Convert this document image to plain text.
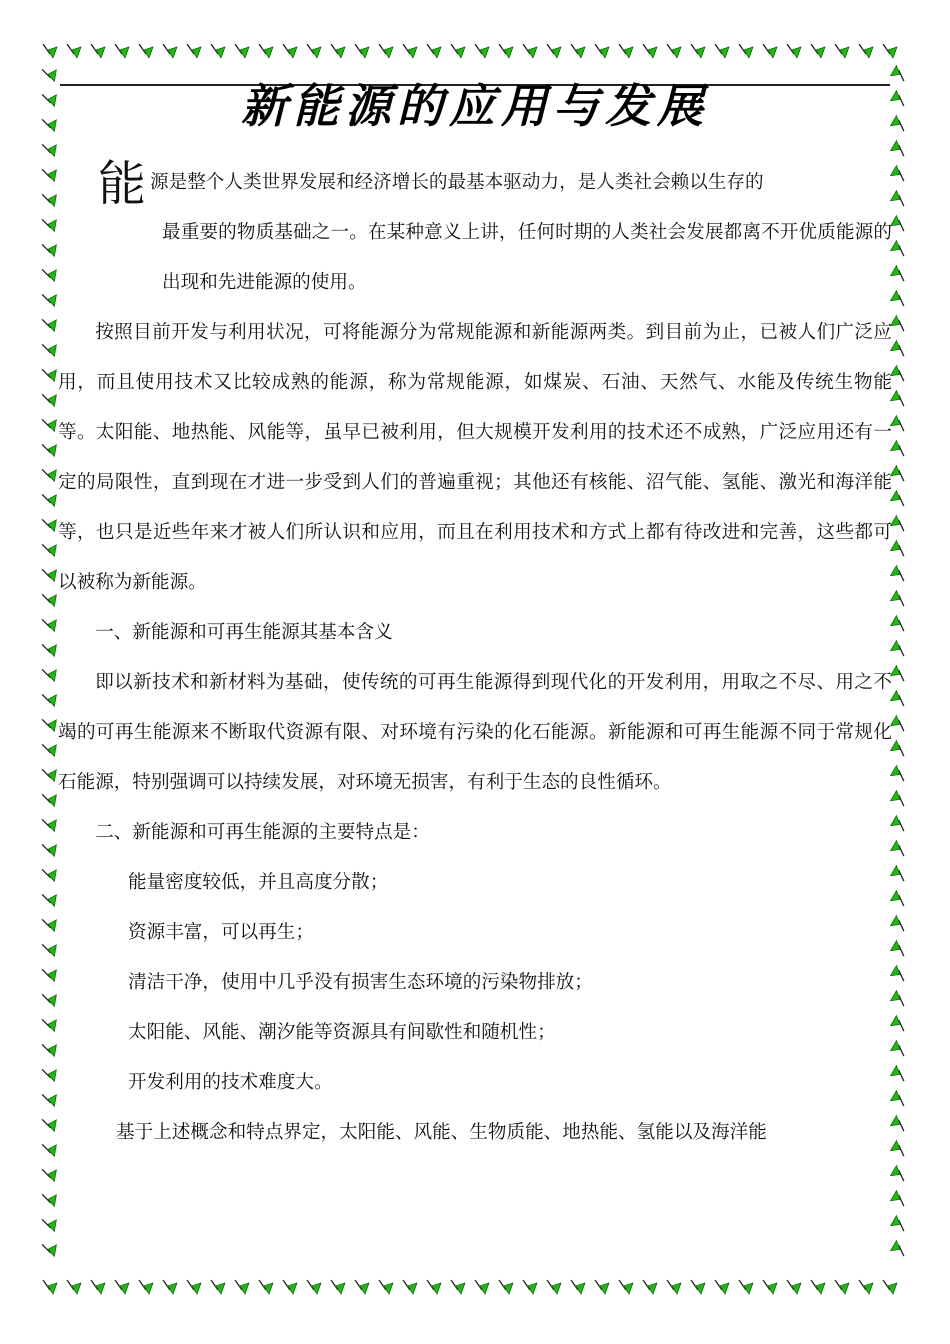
新能源的应用与发展

能 源是整个人类世界发展和经济增长的最基本驱动力，是人类社会赖以生存的
最重要的物质基础之一。在某种意义上讲，任何时期的人类社会发展都离不开优质能源的出现和先进能源的使用。

按照目前开发与利用状况，可将能源分为常规能源和新能源两类。到目前为止，已被人们广泛应用，而且使用技术又比较成熟的能源，称为常规能源，如煤炭、石油、天然气、水能及传统生物能等。太阳能、地热能、风能等，虽早已被利用，但大规模开发利用的技术还不成熟，广泛应用还有一定的局限性，直到现在才进一步受到人们的普遍重视；其他还有核能、沼气能、氢能、激光和海洋能等，也只是近些年来才被人们所认识和应用，而且在利用技术和方式上都有待改进和完善，这些都可以被称为新能源。

一、新能源和可再生能源其基本含义

即以新技术和新材料为基础，使传统的可再生能源得到现代化的开发利用，用取之不尽、用之不竭的可再生能源来不断取代资源有限、对环境有污染的化石能源。新能源和可再生能源不同于常规化石能源，特别强调可以持续发展，对环境无损害，有利于生态的良性循环。

二、新能源和可再生能源的主要特点是：

能量密度较低，并且高度分散；

资源丰富，可以再生；

清洁干净，使用中几乎没有损害生态环境的污染物排放；

太阳能、风能、潮汐能等资源具有间歇性和随机性；

开发利用的技术难度大。

基于上述概念和特点界定，太阳能、风能、生物质能、地热能、氢能以及海洋能
